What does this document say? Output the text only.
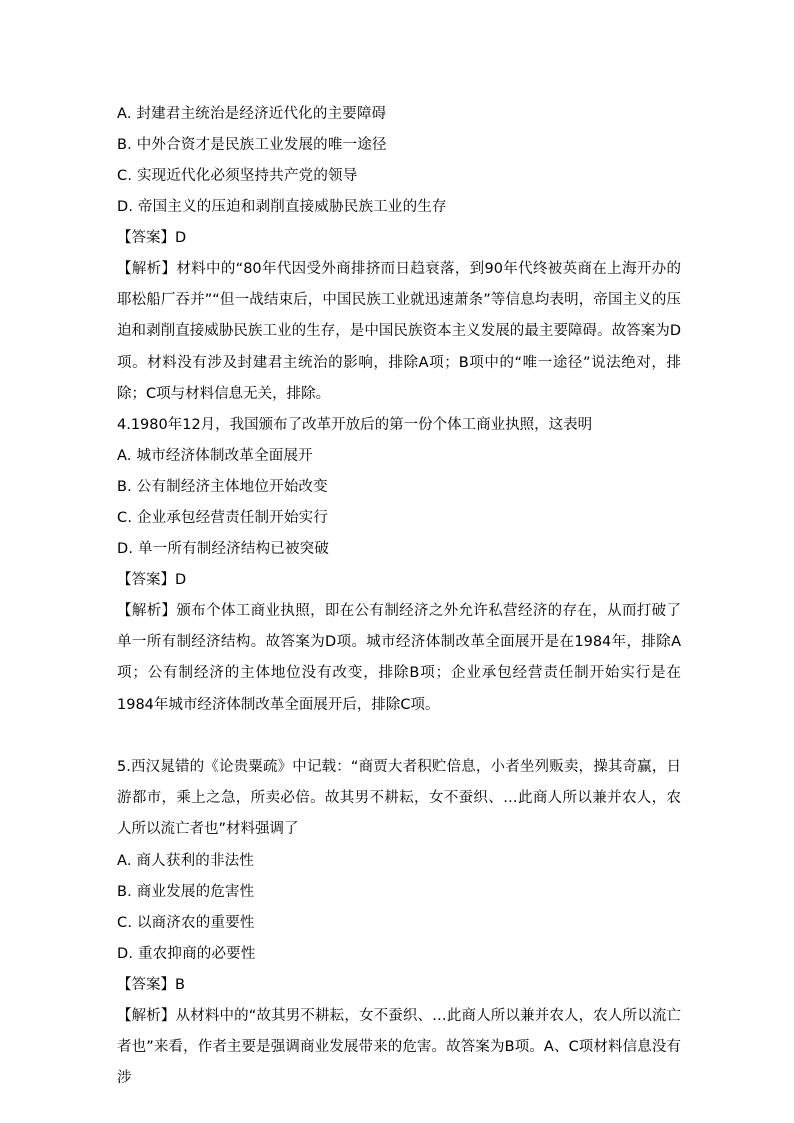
A. 封建君主统治是经济近代化的主要障碍
B. 中外合资才是民族工业发展的唯一途径
C. 实现近代化必须坚持共产党的领导
D. 帝国主义的压迫和剥削直接威胁民族工业的生存
【答案】D
【解析】材料中的“80年代因受外商排挤而日趋衰落，到90年代终被英商在上海开办的耶松船厂吞并”“但一战结束后，中国民族工业就迅速萧条”等信息均表明，帝国主义的压迫和剥削直接威胁民族工业的生存，是中国民族资本主义发展的最主要障碍。故答案为D项。材料没有涉及封建君主统治的影响，排除A项；B项中的“唯一途径”说法绝对，排除；C项与材料信息无关，排除。
4.1980年12月，我国颁布了改革开放后的第一份个体工商业执照，这表明
A. 城市经济体制改革全面展开
B. 公有制经济主体地位开始改变
C. 企业承包经营责任制开始实行
D. 单一所有制经济结构已被突破
【答案】D
【解析】颁布个体工商业执照，即在公有制经济之外允许私营经济的存在，从而打破了单一所有制经济结构。故答案为D项。城市经济体制改革全面展开是在1984年，排除A项；公有制经济的主体地位没有改变，排除B项；企业承包经营责任制开始实行是在1984年城市经济体制改革全面展开后，排除C项。
5.西汉晁错的《论贵粟疏》中记载：“商贾大者积贮倍息，小者坐列贩卖，操其奇赢，日游都市，乘上之急，所卖必倍。故其男不耕耘，女不蚕织、…此商人所以兼并农人，农人所以流亡者也”材料强调了
A. 商人获利的非法性
B. 商业发展的危害性
C. 以商济农的重要性
D. 重农抑商的必要性
【答案】B
【解析】从材料中的“故其男不耕耘，女不蚕织、…此商人所以兼并农人，农人所以流亡者也”来看，作者主要是强调商业发展带来的危害。故答案为B项。A、C项材料信息没有涉
